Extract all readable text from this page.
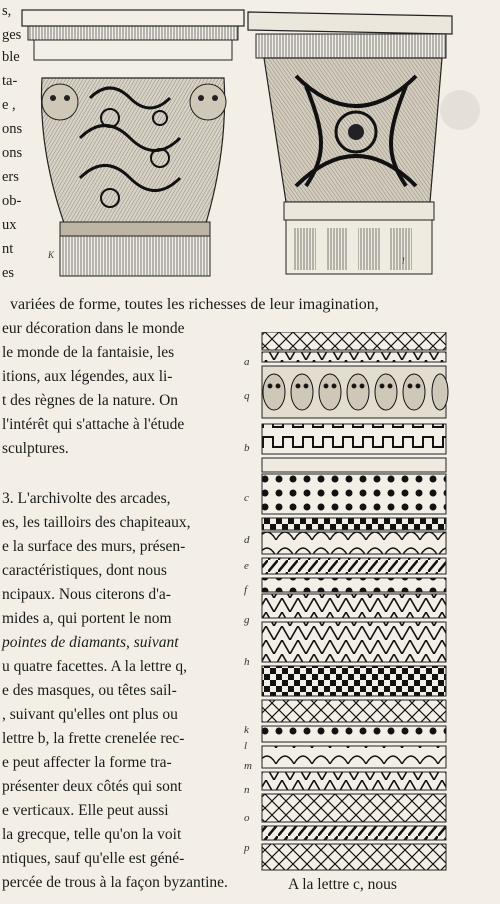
s,
ges
ble
ta-
e ,
ons
ons
ers
ob-
ux
nt
es
K
l
variées de forme, toutes les richesses de leur imagination,
eur décoration dans le monde
le monde de la fantaisie, les
itions, aux légendes, aux li-
t des règnes de la nature. On
l'intérêt qui s'attache à l'étude
sculptures.
3. L'archivolte des arcades,
es, les tailloirs des chapiteaux,
e la surface des murs, présen-
caractéristiques, dont nous
ncipaux. Nous citerons d'a-
mides a, qui portent le nom
pointes de diamants, suivant
u quatre facettes. A la lettre q,
e des masques, ou têtes sail-
, suivant qu'elles ont plus ou
lettre b, la frette crenelée rec-
e peut affecter la forme tra-
présenter deux côtés qui sont
e verticaux. Elle peut aussi
la grecque, telle qu'on la voit
ntiques, sauf qu'elle est géné-
percée de trous à la façon byzantine.	A la lettre c, nous
a
q
b
c
d
e
f
g
h
k
l
m
n
o
p
